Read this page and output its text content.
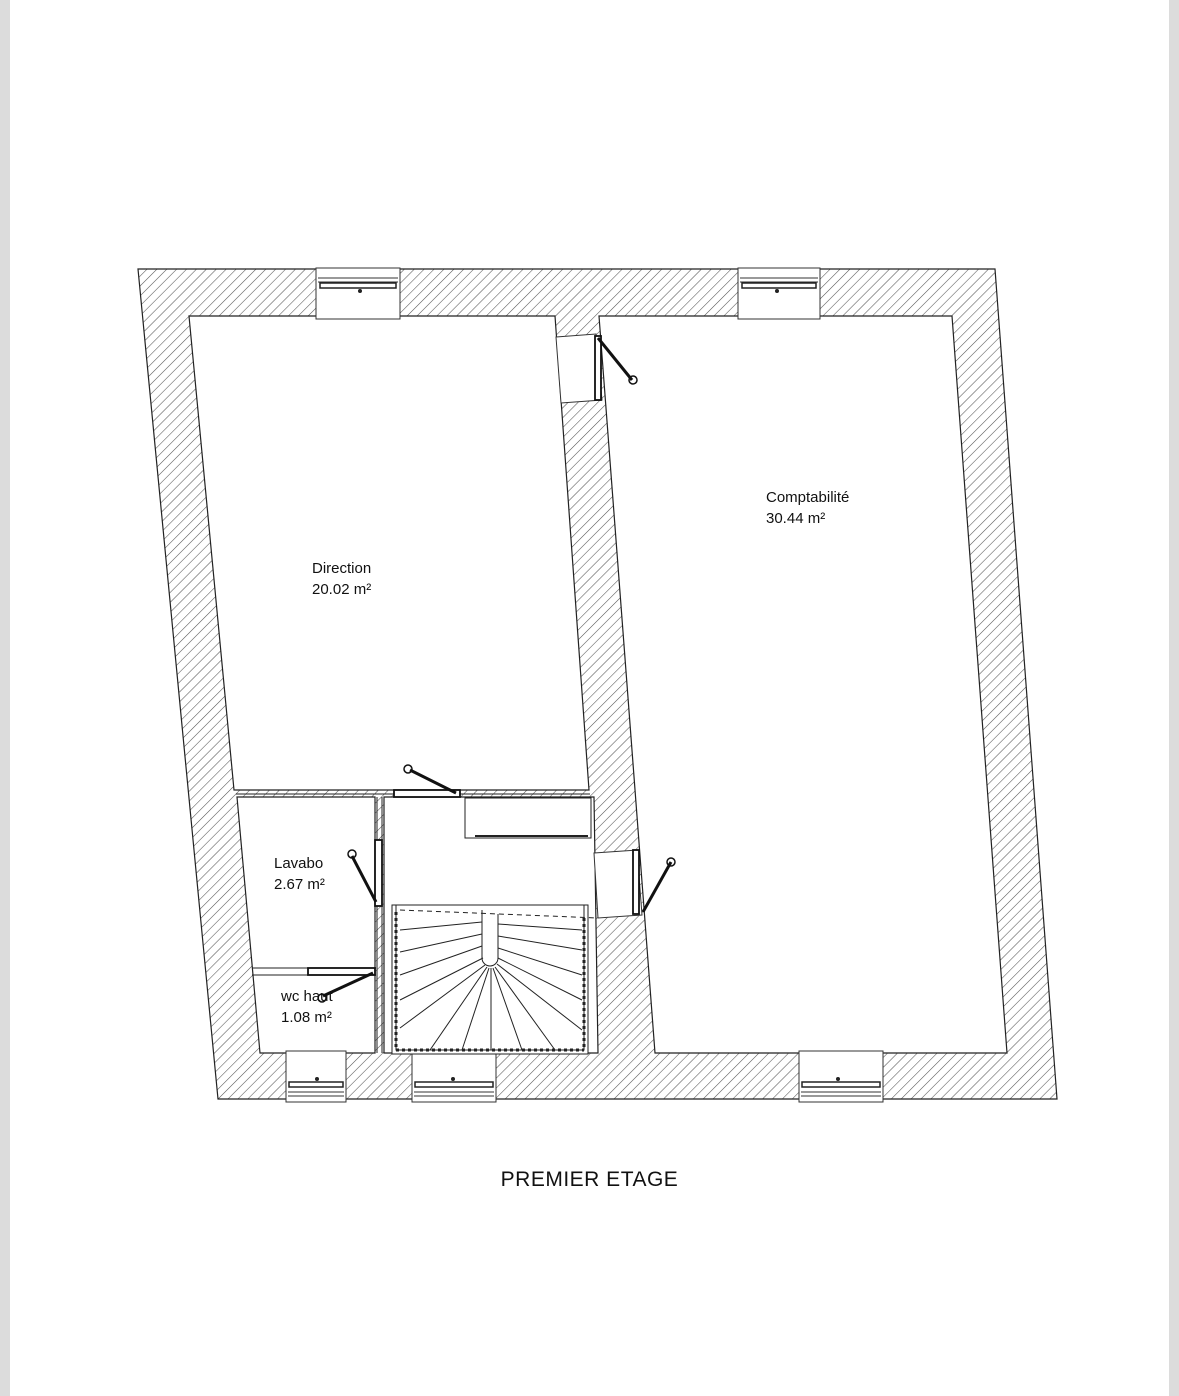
Direction
20.02 m²
Comptabilité
30.44 m²
Lavabo
2.67 m²
wc haut
1.08 m²
PREMIER ETAGE
